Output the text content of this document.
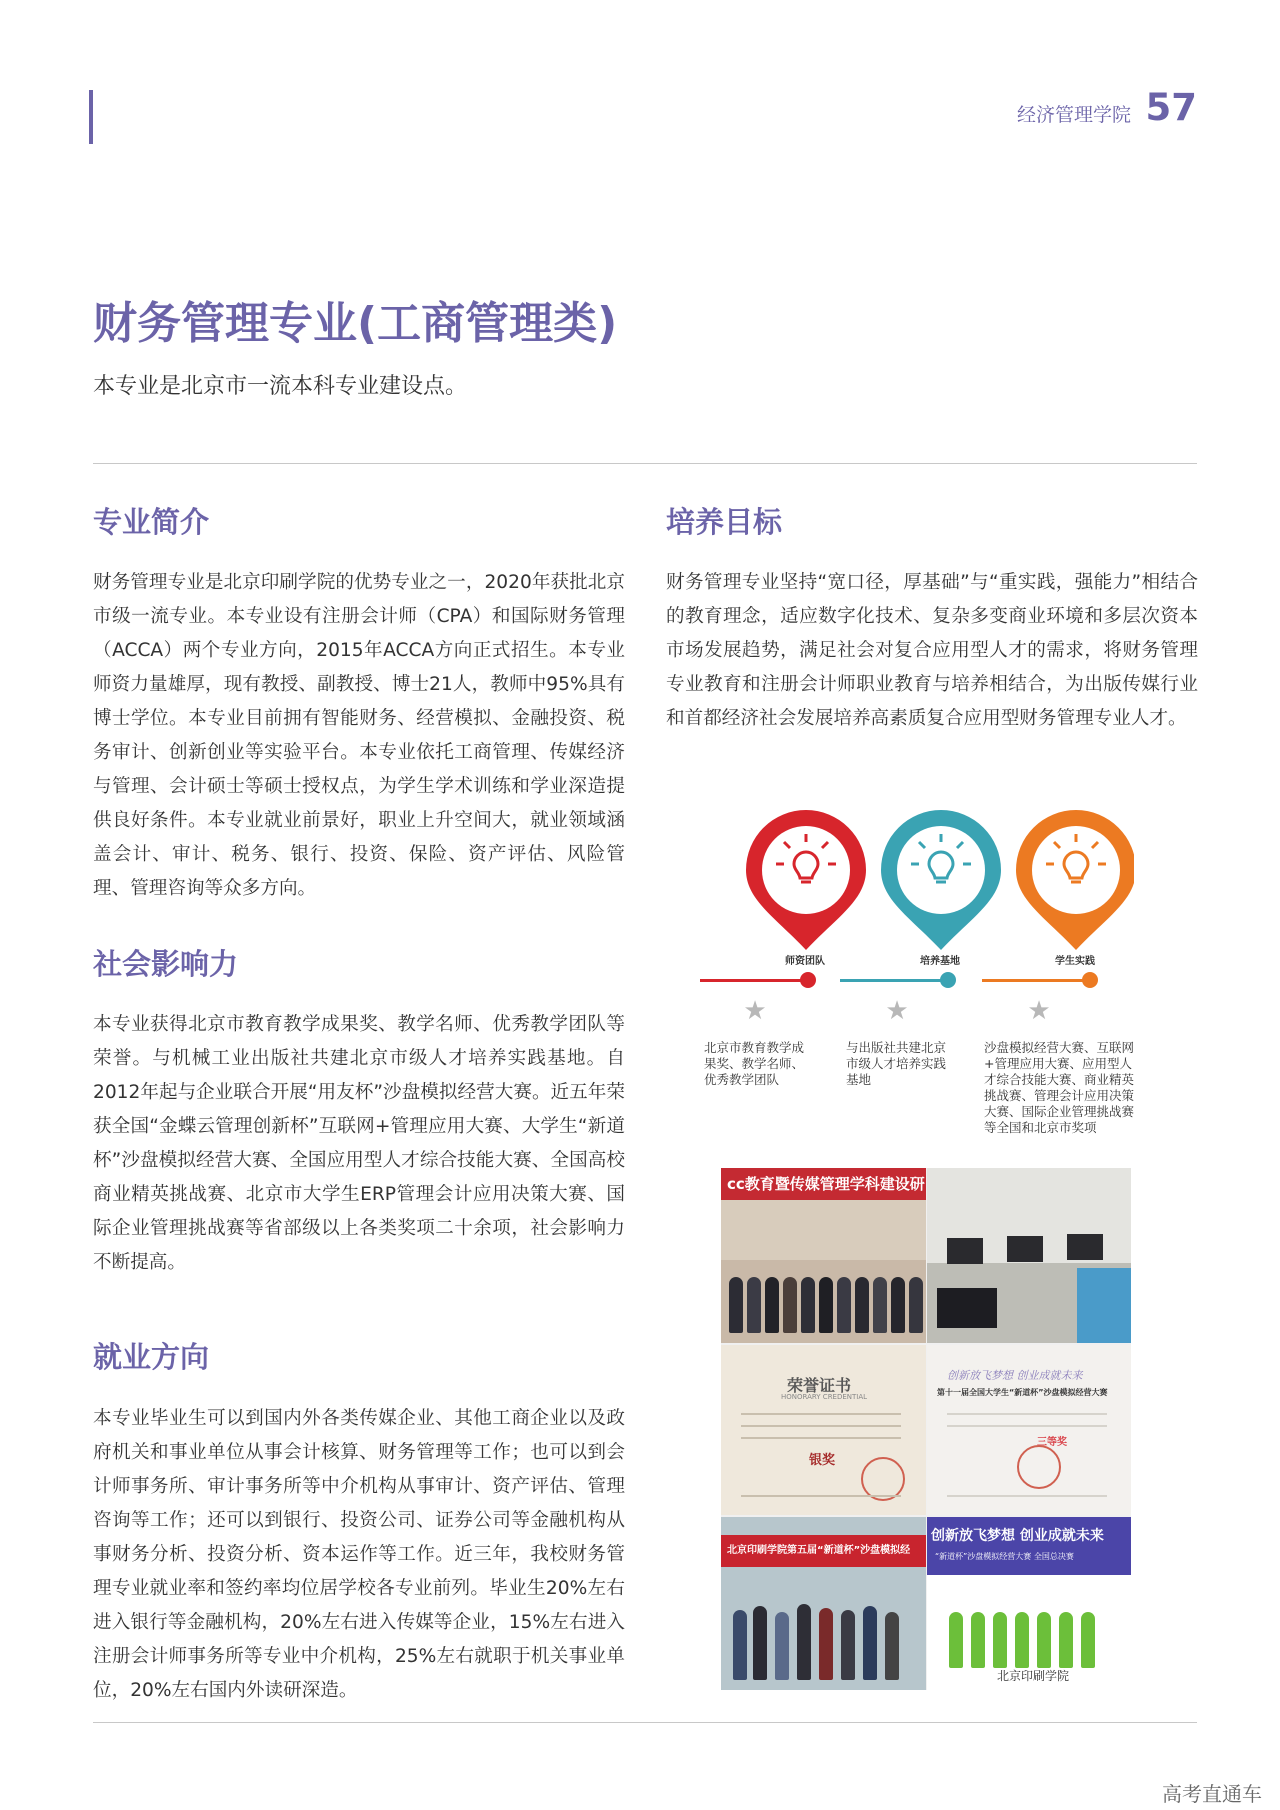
经济管理学院 57
财务管理专业(工商管理类)
本专业是北京市一流本科专业建设点。
专业简介
财务管理专业是北京印刷学院的优势专业之一，2020年获批北京市级一流专业。本专业设有注册会计师（CPA）和国际财务管理（ACCA）两个专业方向，2015年ACCA方向正式招生。本专业师资力量雄厚，现有教授、副教授、博士21人，教师中95%具有博士学位。本专业目前拥有智能财务、经营模拟、金融投资、税务审计、创新创业等实验平台。本专业依托工商管理、传媒经济与管理、会计硕士等硕士授权点，为学生学术训练和学业深造提供良好条件。本专业就业前景好，职业上升空间大，就业领域涵盖会计、审计、税务、银行、投资、保险、资产评估、风险管理、管理咨询等众多方向。
社会影响力
本专业获得北京市教育教学成果奖、教学名师、优秀教学团队等荣誉。与机械工业出版社共建北京市级人才培养实践基地。自2012年起与企业联合开展“用友杯”沙盘模拟经营大赛。近五年荣获全国“金蝶云管理创新杯”互联网+管理应用大赛、大学生“新道杯”沙盘模拟经营大赛、全国应用型人才综合技能大赛、全国高校商业精英挑战赛、北京市大学生ERP管理会计应用决策大赛、国际企业管理挑战赛等省部级以上各类奖项二十余项，社会影响力不断提高。
就业方向
本专业毕业生可以到国内外各类传媒企业、其他工商企业以及政府机关和事业单位从事会计核算、财务管理等工作；也可以到会计师事务所、审计事务所等中介机构从事审计、资产评估、管理咨询等工作；还可以到银行、投资公司、证券公司等金融机构从事财务分析、投资分析、资本运作等工作。近三年，我校财务管理专业就业率和签约率均位居学校各专业前列。毕业生20%左右进入银行等金融机构，20%左右进入传媒等企业，15%左右进入注册会计师事务所等专业中介机构，25%左右就职于机关事业单位，20%左右国内外读研深造。
培养目标
财务管理专业坚持“宽口径，厚基础”与“重实践，强能力”相结合的教育理念，适应数字化技术、复杂多变商业环境和多层次资本市场发展趋势，满足社会对复合应用型人才的需求，将财务管理专业教育和注册会计师职业教育与培养相结合，为出版传媒行业和首都经济社会发展培养高素质复合应用型财务管理专业人才。
师资团队	培养基地	学生实践
★	★	★
北京市教育教学成果奖、教学名师、优秀教学团队
与出版社共建北京市级人才培养实践基地
沙盘模拟经营大赛、互联网+管理应用大赛、应用型人才综合技能大赛、商业精英挑战赛、管理会计应用决策大赛、国际企业管理挑战赛等全国和北京市奖项
cc教育暨传媒管理学科建设研
荣誉证书
HONORARY CREDENTIAL
银奖
创新放飞梦想 创业成就未来
第十一届全国大学生“新道杯”沙盘模拟经营大赛
三等奖
北京印刷学院第五届“新道杯”沙盘模拟经
创新放飞梦想 创业成就未来
“新道杯”沙盘模拟经营大赛 全国总决赛
北京印刷学院
高考直通车
